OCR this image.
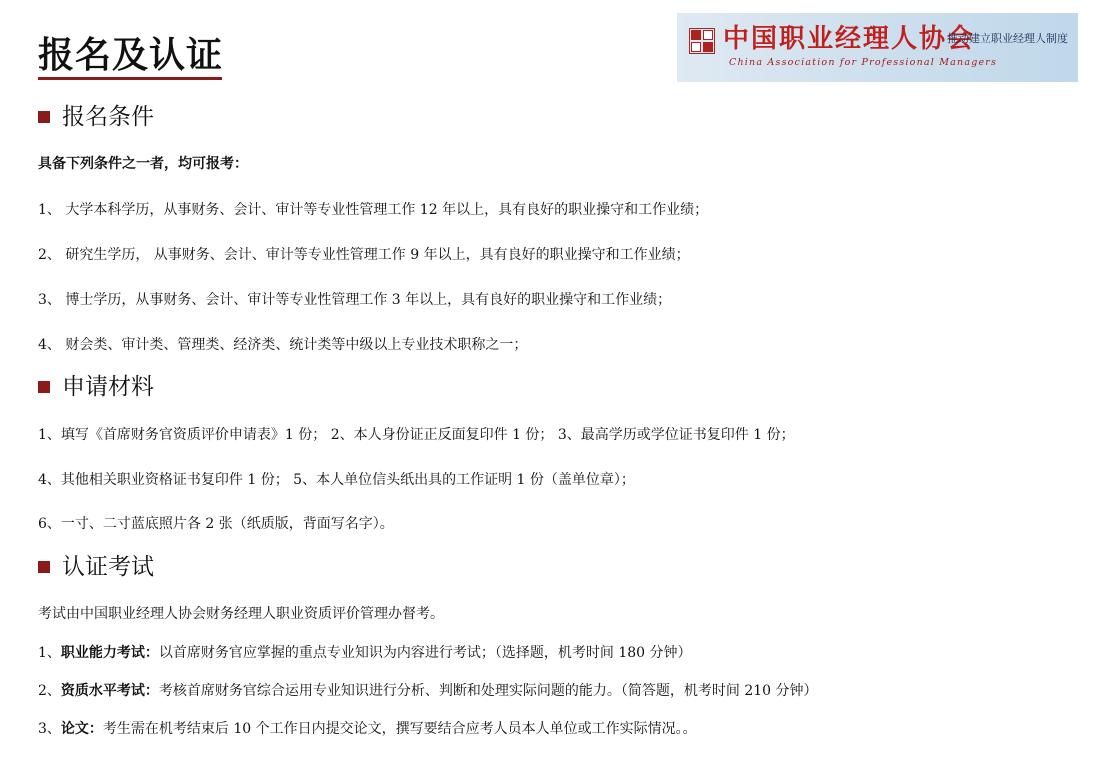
报名及认证	中国职业经理人协会
China Association for Professional Managers
推动建立职业经理人制度
报名条件

具备下列条件之一者，均可报考：

1、 大学本科学历，从事财务、会计、审计等专业性管理工作 12 年以上，具有良好的职业操守和工作业绩；

2、 研究生学历， 从事财务、会计、审计等专业性管理工作 9 年以上，具有良好的职业操守和工作业绩；

3、 博士学历，从事财务、会计、审计等专业性管理工作 3 年以上，具有良好的职业操守和工作业绩；

4、 财会类、审计类、管理类、经济类、统计类等中级以上专业技术职称之一；

申请材料

1、填写《首席财务官资质评价申请表》1 份； 2、本人身份证正反面复印件 1 份； 3、最高学历或学位证书复印件 1 份；

4、其他相关职业资格证书复印件 1 份； 5、本人单位信头纸出具的工作证明 1 份（盖单位章）；

6、一寸、二寸蓝底照片各 2 张（纸质版，背面写名字）。

认证考试

考试由中国职业经理人协会财务经理人职业资质评价管理办督考。

1、职业能力考试：以首席财务官应掌握的重点专业知识为内容进行考试；（选择题，机考时间 180 分钟）

2、资质水平考试：考核首席财务官综合运用专业知识进行分析、判断和处理实际问题的能力。（简答题，机考时间 210 分钟）

3、论文：考生需在机考结束后 10 个工作日内提交论文，撰写要结合应考人员本人单位或工作实际情况。。
